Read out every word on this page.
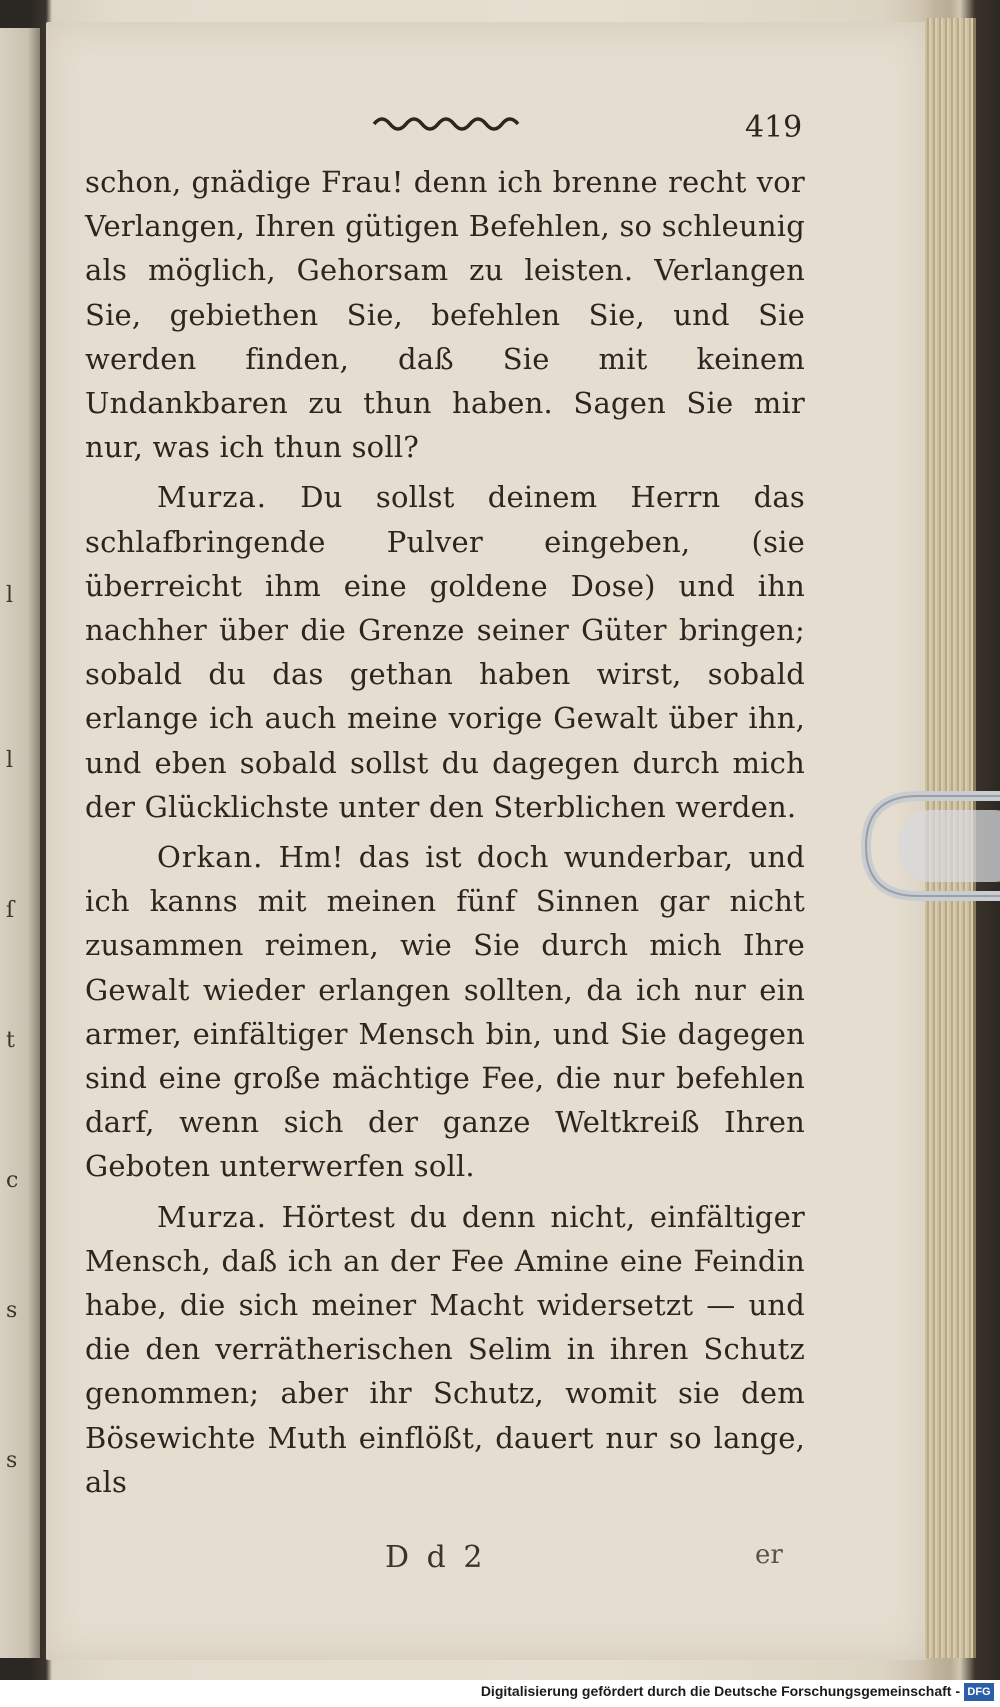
l
l
ſ
t
c
s
s
419

schon, gnädige Frau! denn ich brenne recht vor Verlangen, Ihren gütigen Befehlen, so schleunig als möglich, Gehorsam zu leisten. Verlangen Sie, gebiethen Sie, befehlen Sie, und Sie werden finden, daß Sie mit keinem Undankbaren zu thun haben. Sagen Sie mir nur, was ich thun soll?

Murza. Du sollst deinem Herrn das schlafbringende Pulver eingeben, (sie überreicht ihm eine goldene Dose) und ihn nachher über die Grenze seiner Güter bringen; sobald du das gethan haben wirst, sobald erlange ich auch meine vorige Gewalt über ihn, und eben sobald sollst du dagegen durch mich der Glücklichste unter den Sterblichen werden.

Orkan. Hm! das ist doch wunderbar, und ich kanns mit meinen fünf Sinnen gar nicht zusammen reimen, wie Sie durch mich Ihre Gewalt wieder erlangen sollten, da ich nur ein armer, einfältiger Mensch bin, und Sie dagegen sind eine große mächtige Fee, die nur befehlen darf, wenn sich der ganze Weltkreiß Ihren Geboten unterwerfen soll.

Murza. Hörtest du denn nicht, einfältiger Mensch, daß ich an der Fee Amine eine Feindin habe, die sich meiner Macht widersetzt — und die den verrätherischen Selim in ihren Schutz genommen; aber ihr Schutz, womit sie dem Bösewichte Muth einflößt, dauert nur so lange, als

D d 2	er
Digitalisierung gefördert durch die Deutsche Forschungsgemeinschaft - DFG
